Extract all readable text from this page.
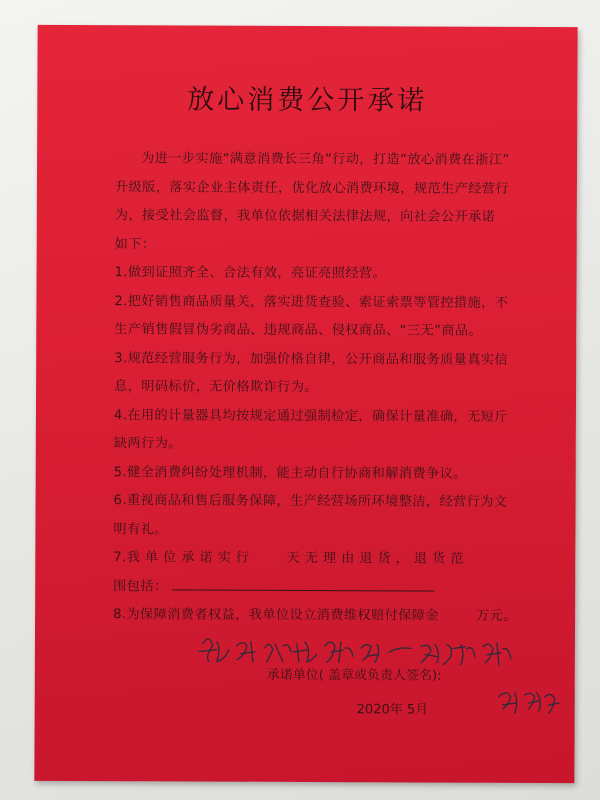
放心消费公开承诺
为进一步实施“满意消费长三角”行动，打造“放心消费在浙江”
升级版，落实企业主体责任，优化放心消费环境，规范生产经营行
为，接受社会监督，我单位依据相关法律法规，向社会公开承诺
如下：
1.做到证照齐全、合法有效，亮证亮照经营。
2.把好销售商品质量关，落实进货查验、索证索票等管控措施，不
生产销售假冒伪劣商品、违规商品、侵权商品、“三无”商品。
3.规范经营服务行为，加强价格自律，公开商品和服务质量真实信
息，明码标价，无价格欺诈行为。
4.在用的计量器具均按规定通过强制检定，确保计量准确，无短斤
缺两行为。
5.健全消费纠纷处理机制，能主动自行协商和解消费争议。
6.重视商品和售后服务保障，生产经营场所环境整洁，经营行为文
明有礼。
7.我 单 位 承 诺 实 行	天 无 理 由 退 货 ， 退 货 范
围包括：
8.为保障消费者权益，我单位设立消费维权赔付保障金	万元。
承诺单位( 盖章或负责人签名):
2020年 5月
